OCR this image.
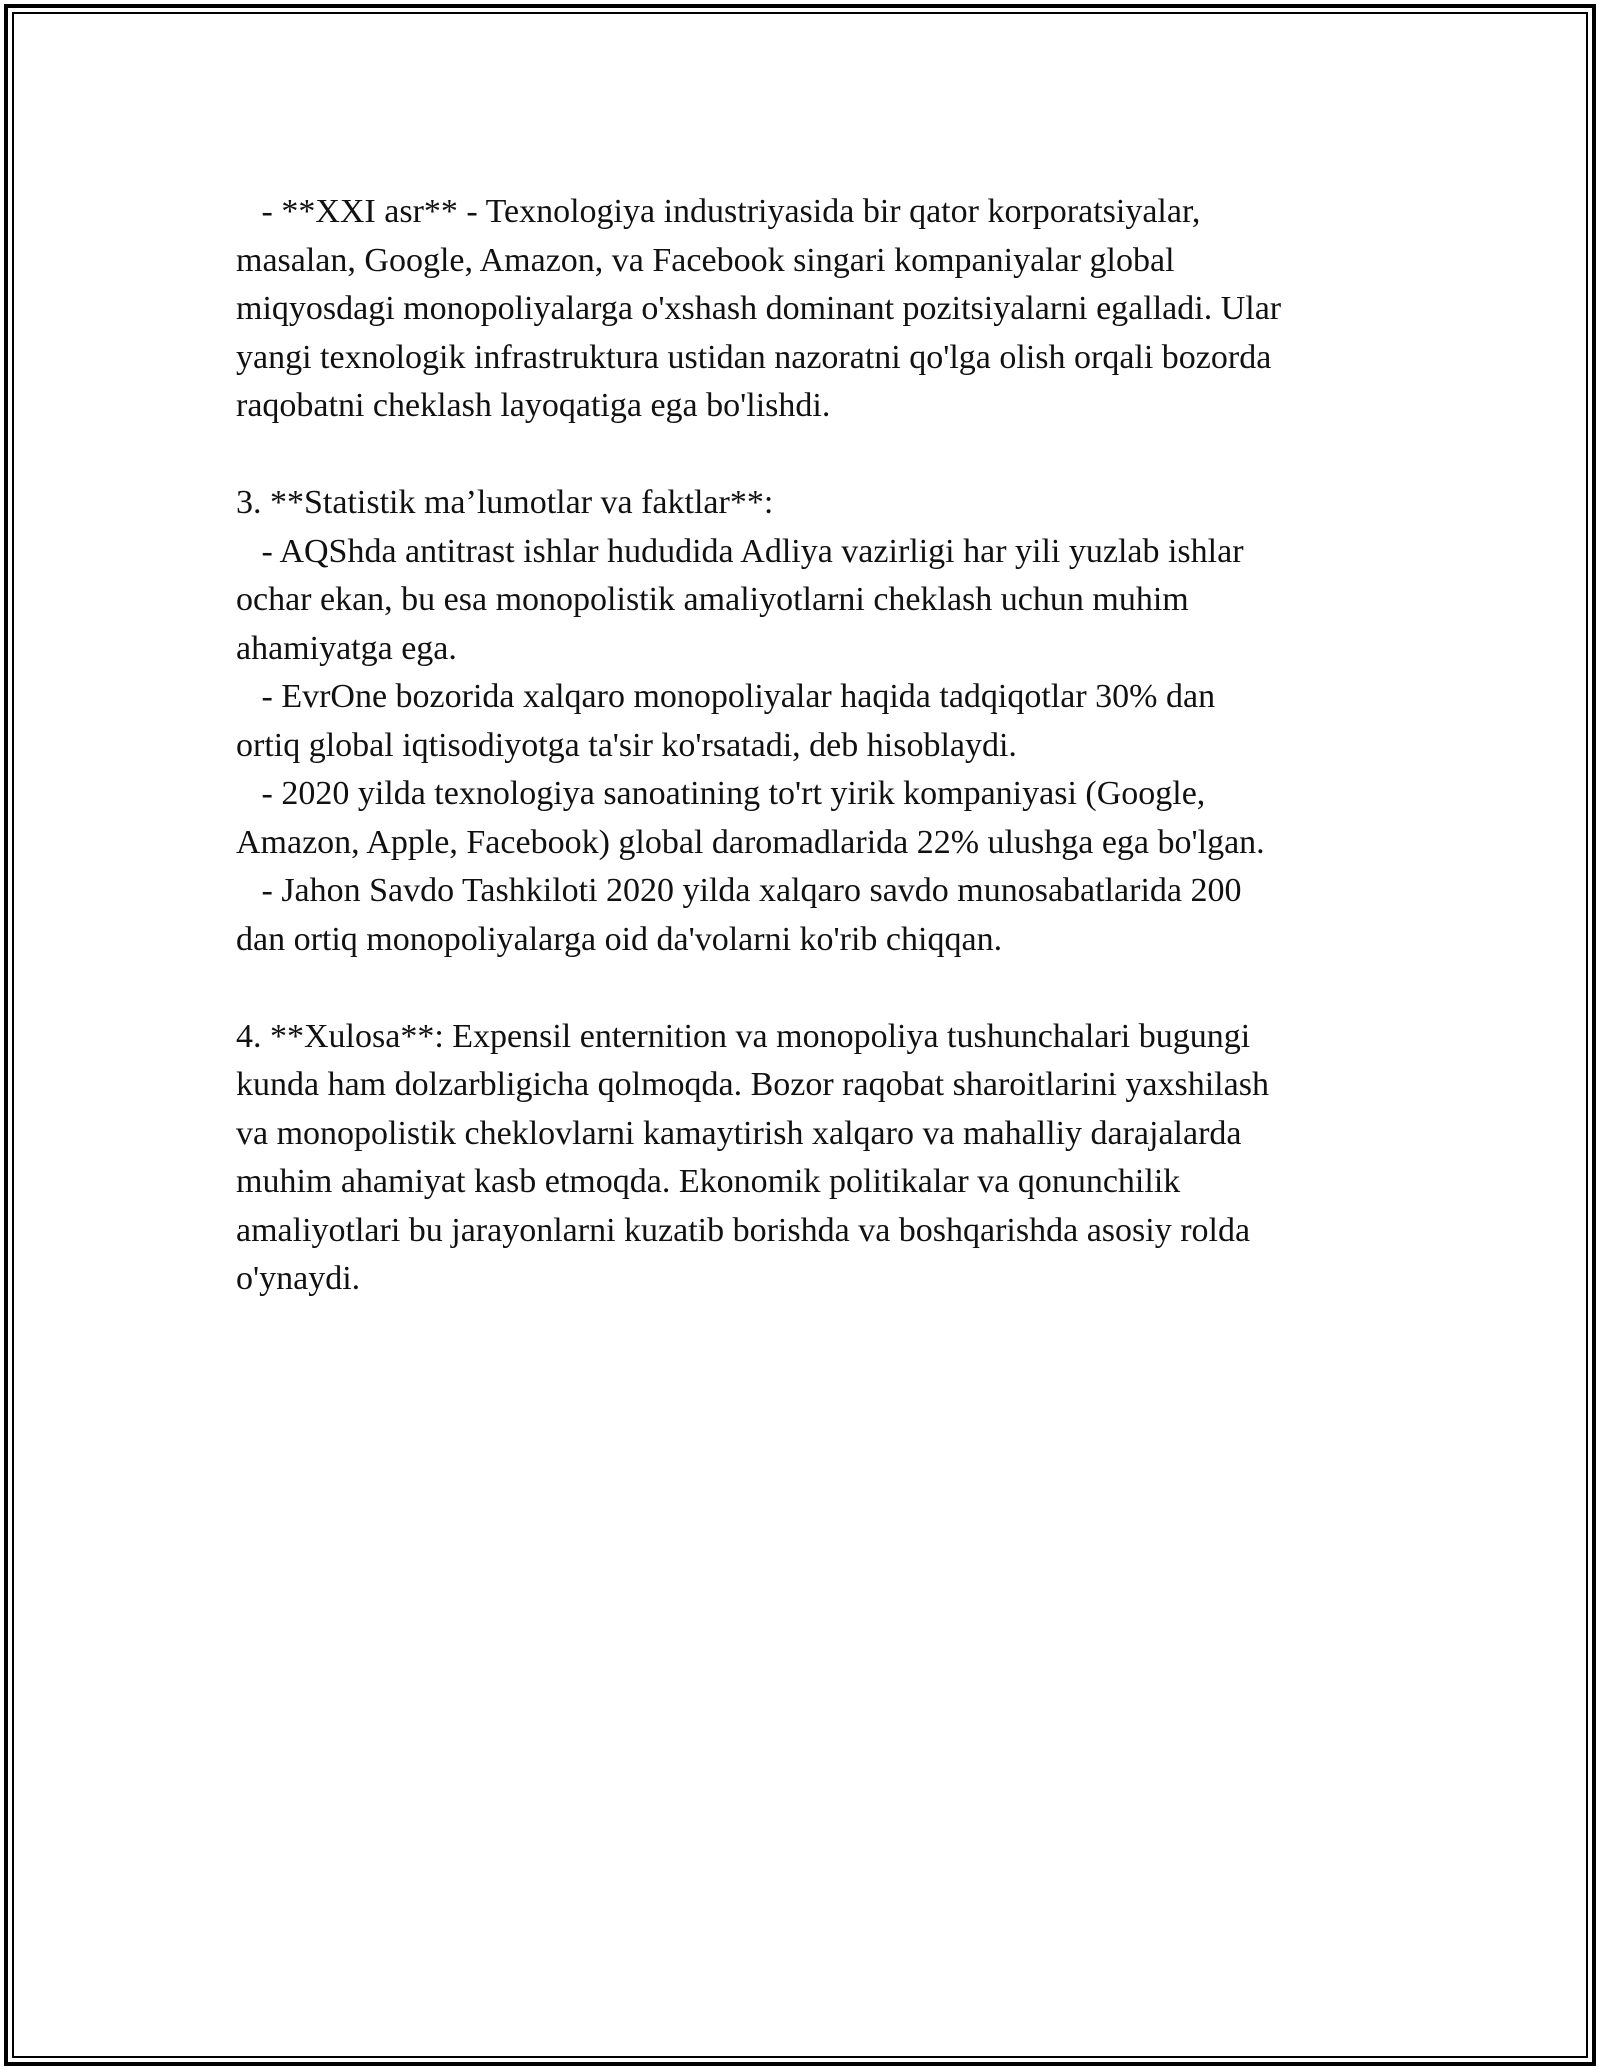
- **XXI asr** - Texnologiya industriyasida bir qator korporatsiyalar,

masalan, Google, Amazon, va Facebook singari kompaniyalar global

miqyosdagi monopoliyalarga o'xshash dominant pozitsiyalarni egalladi. Ular

yangi texnologik infrastruktura ustidan nazoratni qo'lga olish orqali bozorda

raqobatni cheklash layoqatiga ega bo'lishdi.

3. **Statistik ma’lumotlar va faktlar**:

- AQShda antitrast ishlar hududida Adliya vazirligi har yili yuzlab ishlar

ochar ekan, bu esa monopolistik amaliyotlarni cheklash uchun muhim

ahamiyatga ega.

- EvrOne bozorida xalqaro monopoliyalar haqida tadqiqotlar 30% dan

ortiq global iqtisodiyotga ta'sir ko'rsatadi, deb hisoblaydi.

- 2020 yilda texnologiya sanoatining to'rt yirik kompaniyasi (Google,

Amazon, Apple, Facebook) global daromadlarida 22% ulushga ega bo'lgan.

- Jahon Savdo Tashkiloti 2020 yilda xalqaro savdo munosabatlarida 200

dan ortiq monopoliyalarga oid da'volarni ko'rib chiqqan.

4. **Xulosa**: Expensil enternition va monopoliya tushunchalari bugungi

kunda ham dolzarbligicha qolmoqda. Bozor raqobat sharoitlarini yaxshilash

va monopolistik cheklovlarni kamaytirish xalqaro va mahalliy darajalarda

muhim ahamiyat kasb etmoqda. Ekonomik politikalar va qonunchilik

amaliyotlari bu jarayonlarni kuzatib borishda va boshqarishda asosiy rolda

o'ynaydi.
